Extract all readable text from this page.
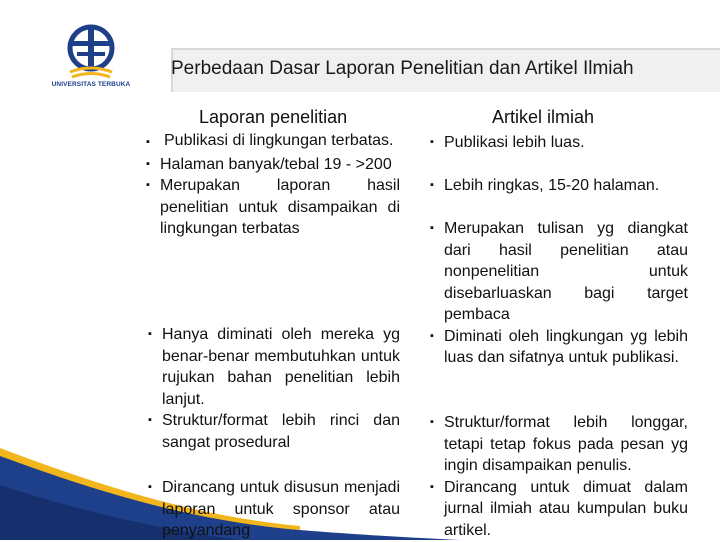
UNIVERSITAS TERBUKA
Perbedaan Dasar Laporan Penelitian dan Artikel Ilmiah
Laporan penelitian	Artikel ilmiah
▪ Publikasi di lingkungan terbatas.
▪ Halaman banyak/tebal 19 - >200
▪ Merupakan laporan hasil penelitian untuk disampaikan di lingkungan terbatas
▪ Hanya diminati oleh mereka yg benar-benar membutuhkan untuk rujukan bahan penelitian lebih lanjut.
▪ Struktur/format lebih rinci dan sangat prosedural
▪ Dirancang untuk disusun menjadi laporan untuk sponsor atau penyandang
▪ Publikasi lebih luas.
▪ Lebih ringkas, 15-20 halaman.
▪ Merupakan tulisan yg diangkat dari hasil penelitian atau nonpenelitian untuk disebarluaskan bagi target pembaca
▪ Diminati oleh lingkungan yg lebih luas dan sifatnya untuk publikasi.
▪ Struktur/format lebih longgar, tetapi tetap fokus pada pesan yg ingin disampaikan penulis.
▪ Dirancang untuk dimuat dalam jurnal ilmiah atau kumpulan buku artikel.
